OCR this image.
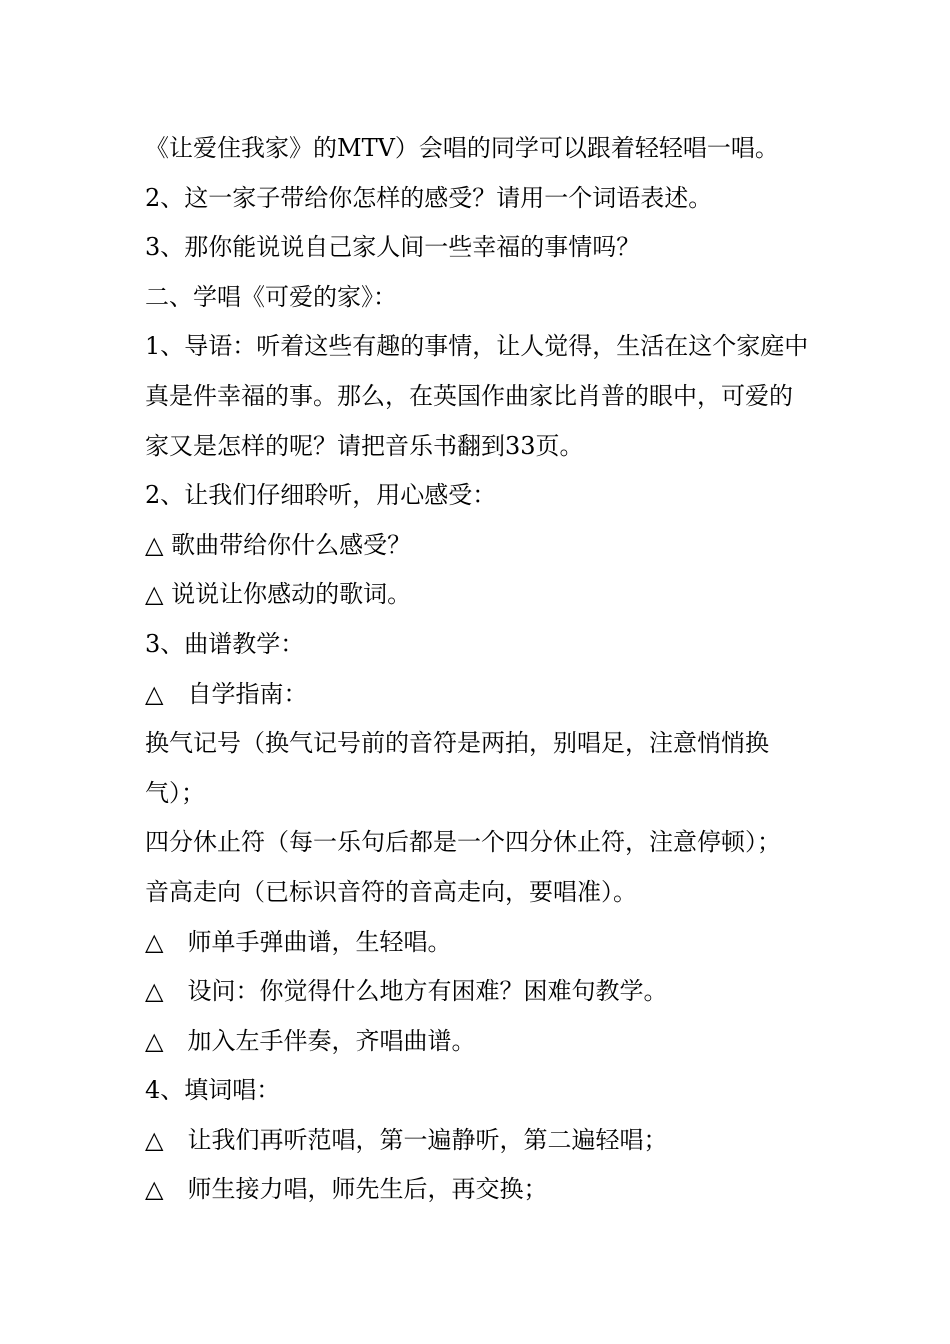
《让爱住我家》的MTV）会唱的同学可以跟着轻轻唱一唱。
2、这一家子带给你怎样的感受？请用一个词语表述。
3、那你能说说自己家人间一些幸福的事情吗？
二、学唱《可爱的家》：
1、导语：听着这些有趣的事情，让人觉得，生活在这个家庭中
真是件幸福的事。那么，在英国作曲家比肖普的眼中，可爱的
家又是怎样的呢？请把音乐书翻到33页。
2、让我们仔细聆听，用心感受：
△ 歌曲带给你什么感受？
△ 说说让你感动的歌词。
3、曲谱教学：
△　自学指南：
换气记号（换气记号前的音符是两拍，别唱足，注意悄悄换
气）；
四分休止符（每一乐句后都是一个四分休止符，注意停顿）；
音高走向（已标识音符的音高走向，要唱准）。
△　师单手弹曲谱，生轻唱。
△　设问：你觉得什么地方有困难？困难句教学。
△　加入左手伴奏，齐唱曲谱。
4、填词唱：
△　让我们再听范唱，第一遍静听，第二遍轻唱；
△　师生接力唱，师先生后，再交换；
